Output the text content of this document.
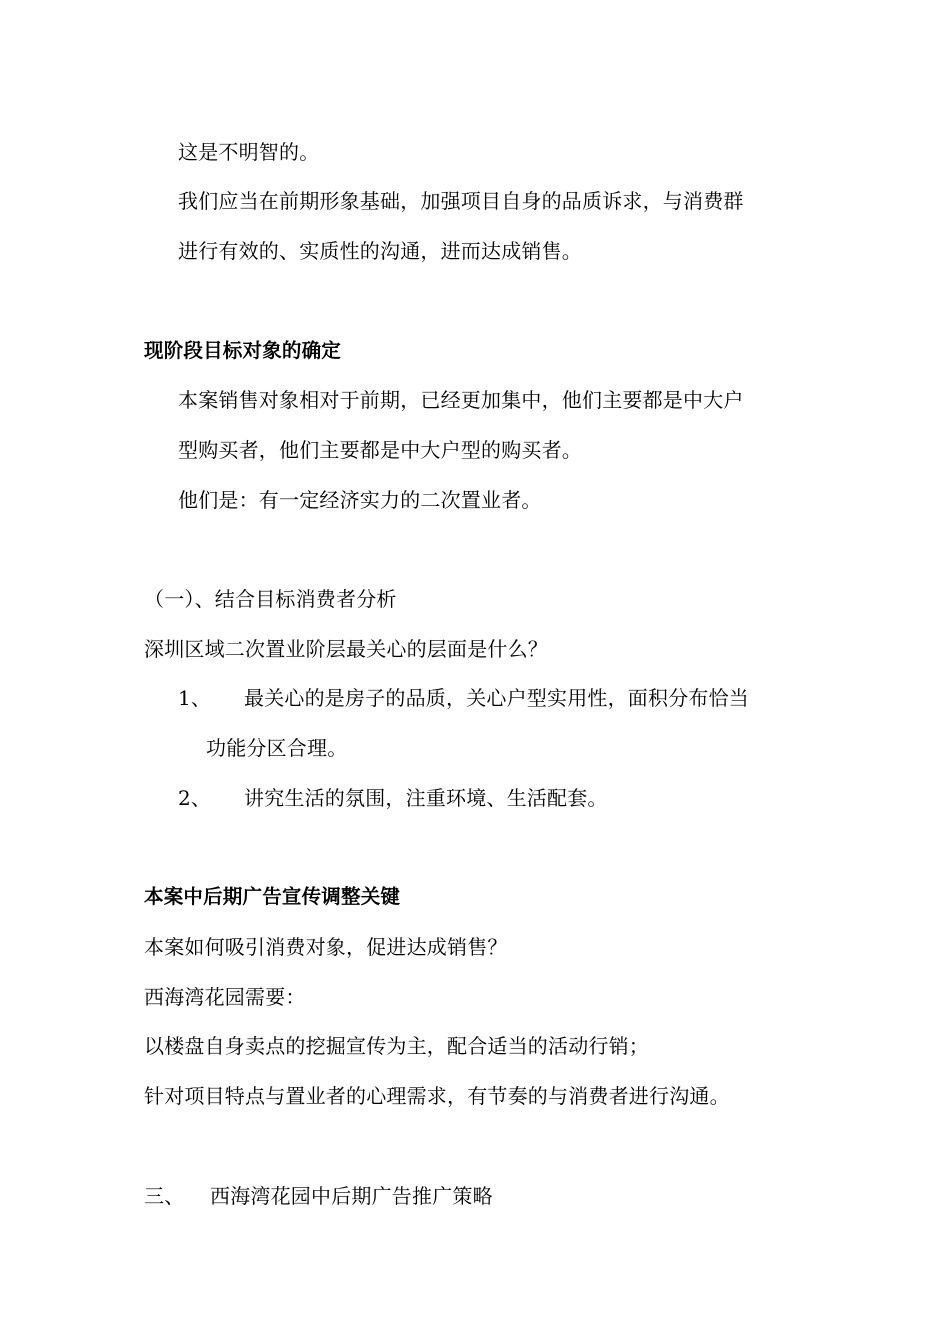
这是不明智的。
我们应当在前期形象基础，加强项目自身的品质诉求，与消费群
进行有效的、实质性的沟通，进而达成销售。
现阶段目标对象的确定
本案销售对象相对于前期，已经更加集中，他们主要都是中大户
型购买者，他们主要都是中大户型的购买者。
他们是：有一定经济实力的二次置业者。
（一）、结合目标消费者分析
深圳区域二次置业阶层最关心的层面是什么？
1、 最关心的是房子的品质，关心户型实用性，面积分布恰当
功能分区合理。
2、 讲究生活的氛围，注重环境、生活配套。
本案中后期广告宣传调整关键
本案如何吸引消费对象，促进达成销售？
西海湾花园需要：
以楼盘自身卖点的挖掘宣传为主，配合适当的活动行销；
针对项目特点与置业者的心理需求，有节奏的与消费者进行沟通。
三、 西海湾花园中后期广告推广策略
